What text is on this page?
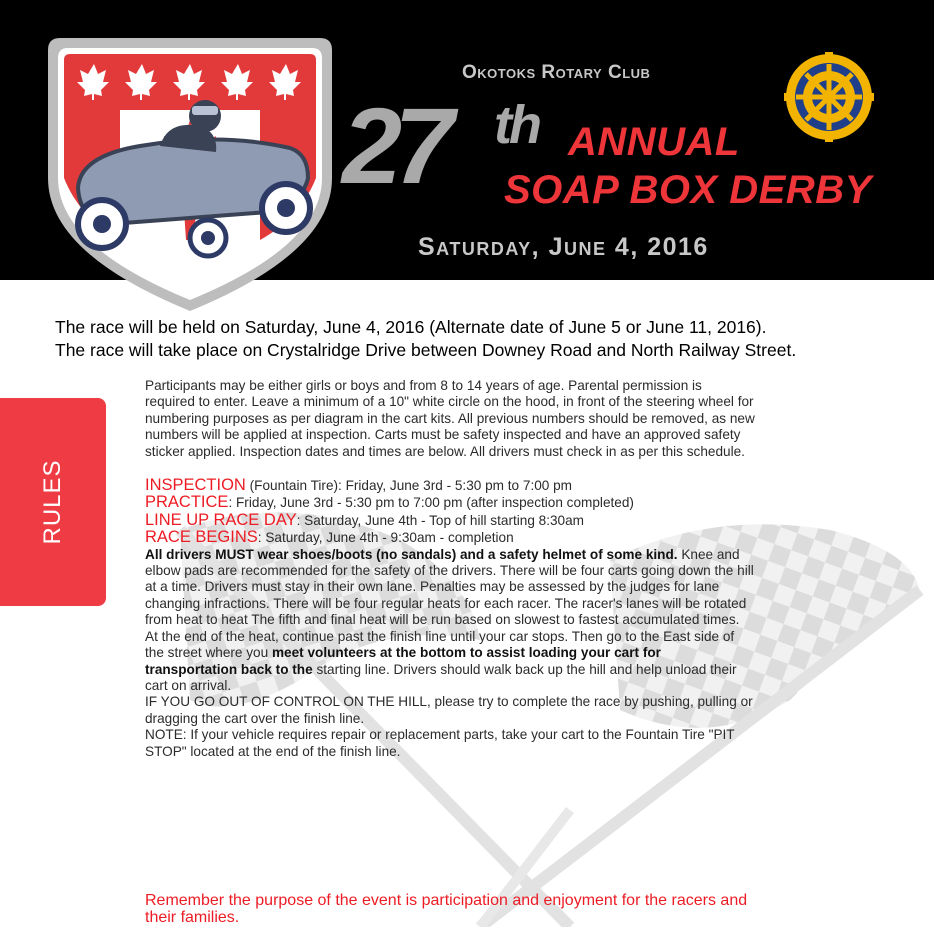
Okotoks Rotary Club
27 th ANNUAL
SOAP BOX DERBY
Saturday, June 4, 2016
The race will be held on Saturday, June 4, 2016 (Alternate date of June 5 or June 11, 2016).
The race will take place on Crystalridge Drive between Downey Road and North Railway Street.
RULES

Participants may be either girls or boys and from 8 to 14 years of age. Parental permission is required to enter. Leave a minimum of a 10" white circle on the hood, in front of the steering wheel for numbering purposes as per diagram in the cart kits. All previous numbers should be removed, as new numbers will be applied at inspection. Carts must be safety inspected and have an approved safety sticker applied. Inspection dates and times are below. All drivers must check in as per this schedule.

INSPECTION (Fountain Tire): Friday, June 3rd - 5:30 pm to 7:00 pm
PRACTICE: Friday, June 3rd - 5:30 pm to 7:00 pm (after inspection completed)
LINE UP RACE DAY: Saturday, June 4th - Top of hill starting 8:30am
RACE BEGINS: Saturday, June 4th - 9:30am - completion

All drivers MUST wear shoes/boots (no sandals) and a safety helmet of some kind. Knee and elbow pads are recommended for the safety of the drivers. There will be four carts going down the hill at a time. Drivers must stay in their own lane. Penalties may be assessed by the judges for lane changing infractions. There will be four regular heats for each racer. The racer's lanes will be rotated from heat to heat The fifth and final heat will be run based on slowest to fastest accumulated times. At the end of the heat, continue past the finish line until your car stops. Then go to the East side of the street where you meet volunteers at the bottom to assist loading your cart for transportation back to the starting line. Drivers should walk back up the hill and help unload their cart on arrival.

IF YOU GO OUT OF CONTROL ON THE HILL, please try to complete the race by pushing, pulling or dragging the cart over the finish line.

NOTE: If your vehicle requires repair or replacement parts, take your cart to the Fountain Tire "PIT STOP" located at the end of the finish line.

Remember the purpose of the event is participation and enjoyment for the racers and their families.
